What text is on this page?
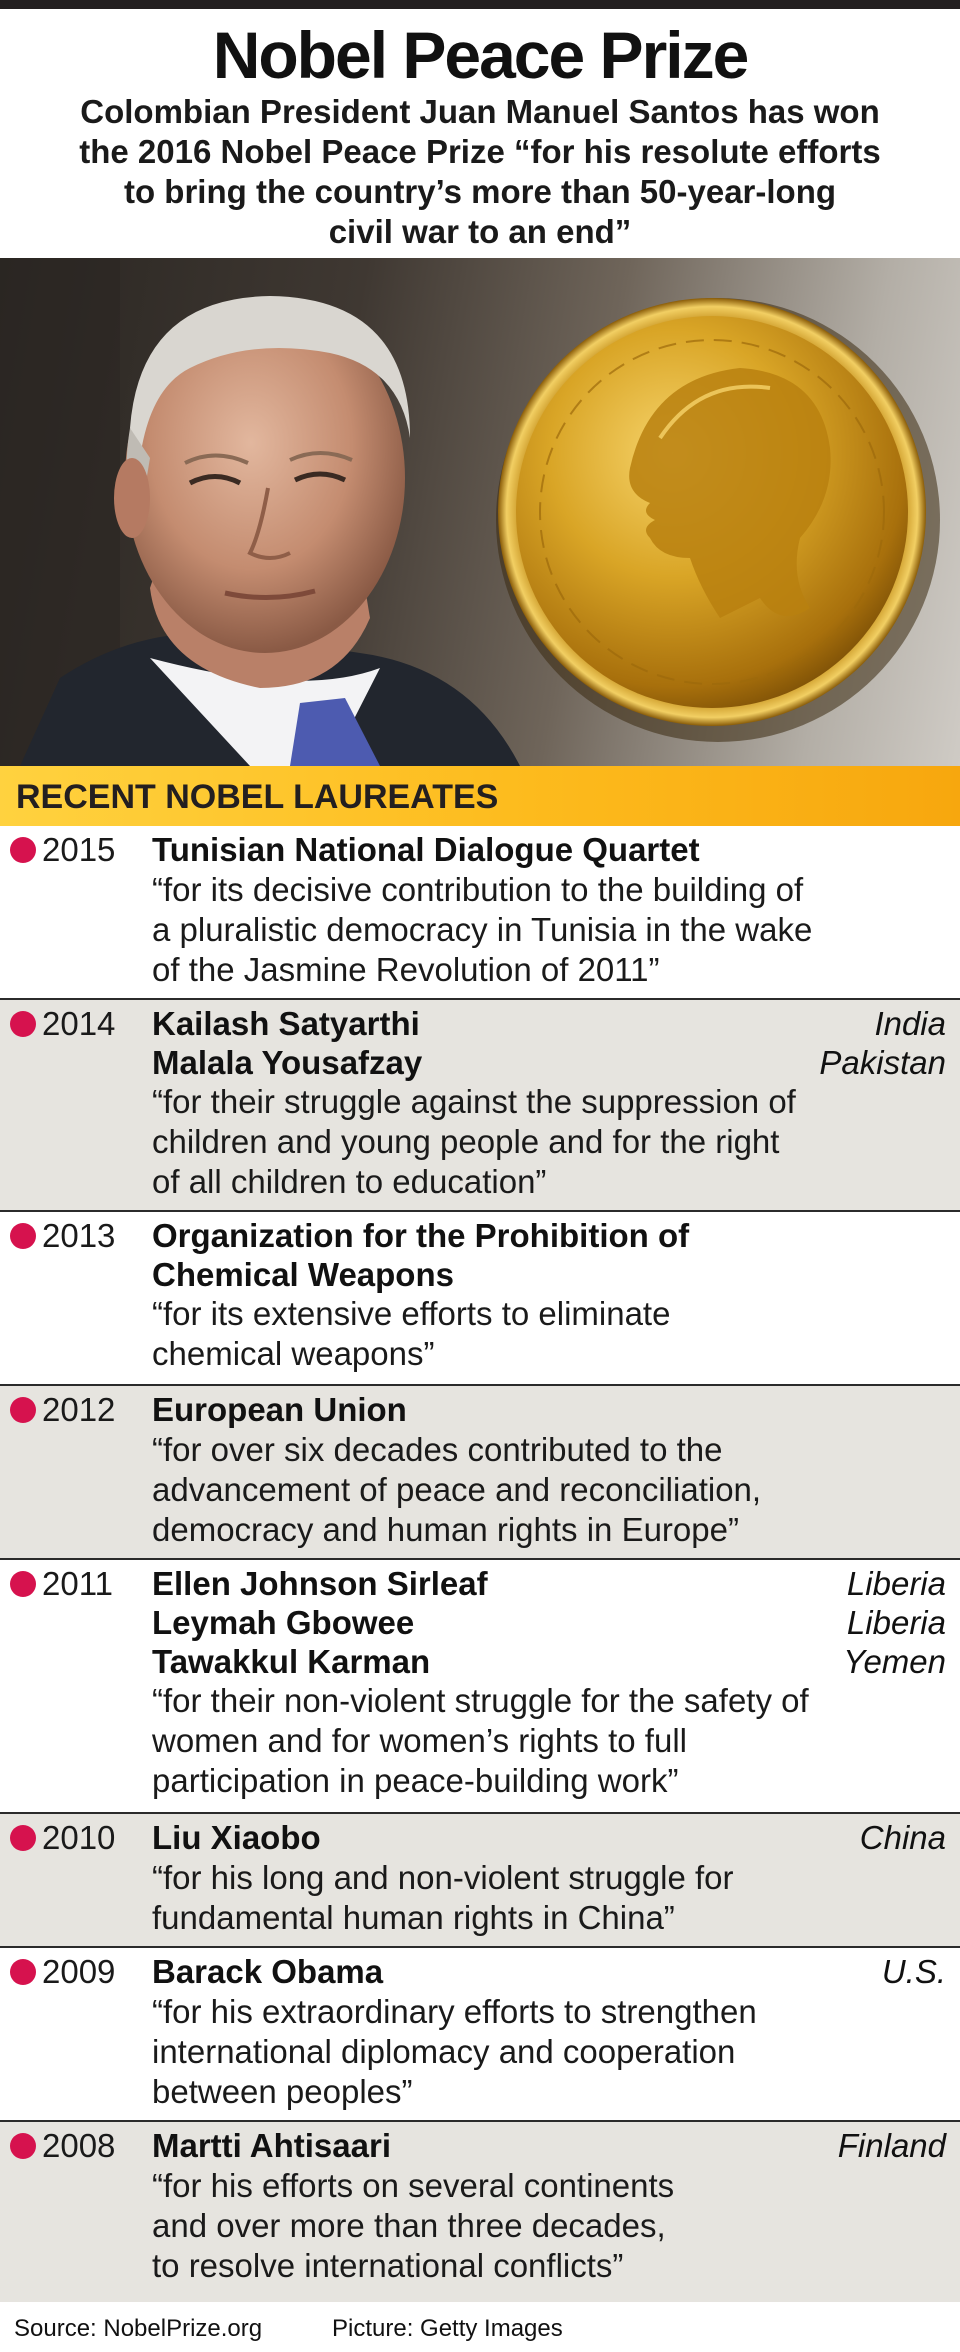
Nobel Peace Prize
Colombian President Juan Manuel Santos has won
the 2016 Nobel Peace Prize “for his resolute efforts
to bring the country’s more than 50-year-long
civil war to an end”
RECENT NOBEL LAUREATES
2015 Tunisian National Dialogue Quartet
“for its decisive contribution to the building of
a pluralistic democracy in Tunisia in the wake
of the Jasmine Revolution of 2011”
2014 Kailash Satyarthi	India
Malala Yousafzay	Pakistan
“for their struggle against the suppression of
children and young people and for the right
of all children to education”
2013 Organization for the Prohibition of
Chemical Weapons
“for its extensive efforts to eliminate
chemical weapons”
2012 European Union
“for over six decades contributed to the
advancement of peace and reconciliation,
democracy and human rights in Europe”
2011 Ellen Johnson Sirleaf	Liberia
Leymah Gbowee	Liberia
Tawakkul Karman	Yemen
“for their non-violent struggle for the safety of
women and for women’s rights to full
participation in peace-building work”
2010 Liu Xiaobo	China
“for his long and non-violent struggle for
fundamental human rights in China”
2009 Barack Obama	U.S.
“for his extraordinary efforts to strengthen
international diplomacy and cooperation
between peoples”
2008 Martti Ahtisaari	Finland
“for his efforts on several continents
and over more than three decades,
to resolve international conflicts”
Source: NobelPrize.org	Picture: Getty Images
